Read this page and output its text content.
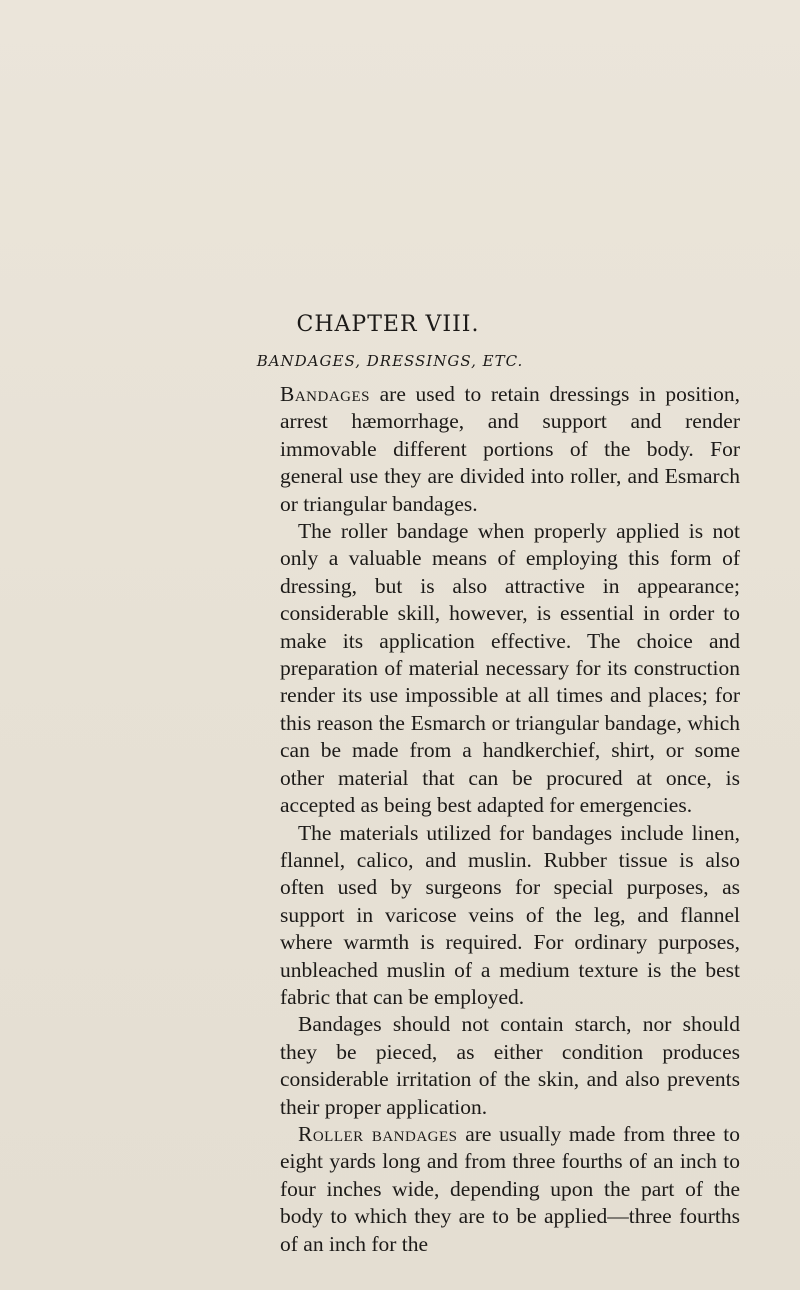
CHAPTER VIII.
BANDAGES, DRESSINGS, ETC.

Bandages are used to retain dressings in position, arrest hæmorrhage, and support and render immovable different portions of the body. For general use they are divided into roller, and Esmarch or triangular bandages.

The roller bandage when properly applied is not only a valuable means of employing this form of dressing, but is also attractive in appearance; considerable skill, however, is essential in order to make its application effective. The choice and preparation of material necessary for its construction render its use impossible at all times and places; for this reason the Esmarch or triangular bandage, which can be made from a handkerchief, shirt, or some other material that can be procured at once, is accepted as being best adapted for emergencies.

The materials utilized for bandages include linen, flannel, calico, and muslin. Rubber tissue is also often used by surgeons for special purposes, as support in varicose veins of the leg, and flannel where warmth is required. For ordinary purposes, unbleached muslin of a medium texture is the best fabric that can be employed.

Bandages should not contain starch, nor should they be pieced, as either condition produces considerable irritation of the skin, and also prevents their proper application.

Roller bandages are usually made from three to eight yards long and from three fourths of an inch to four inches wide, depending upon the part of the body to which they are to be applied—three fourths of an inch for the
